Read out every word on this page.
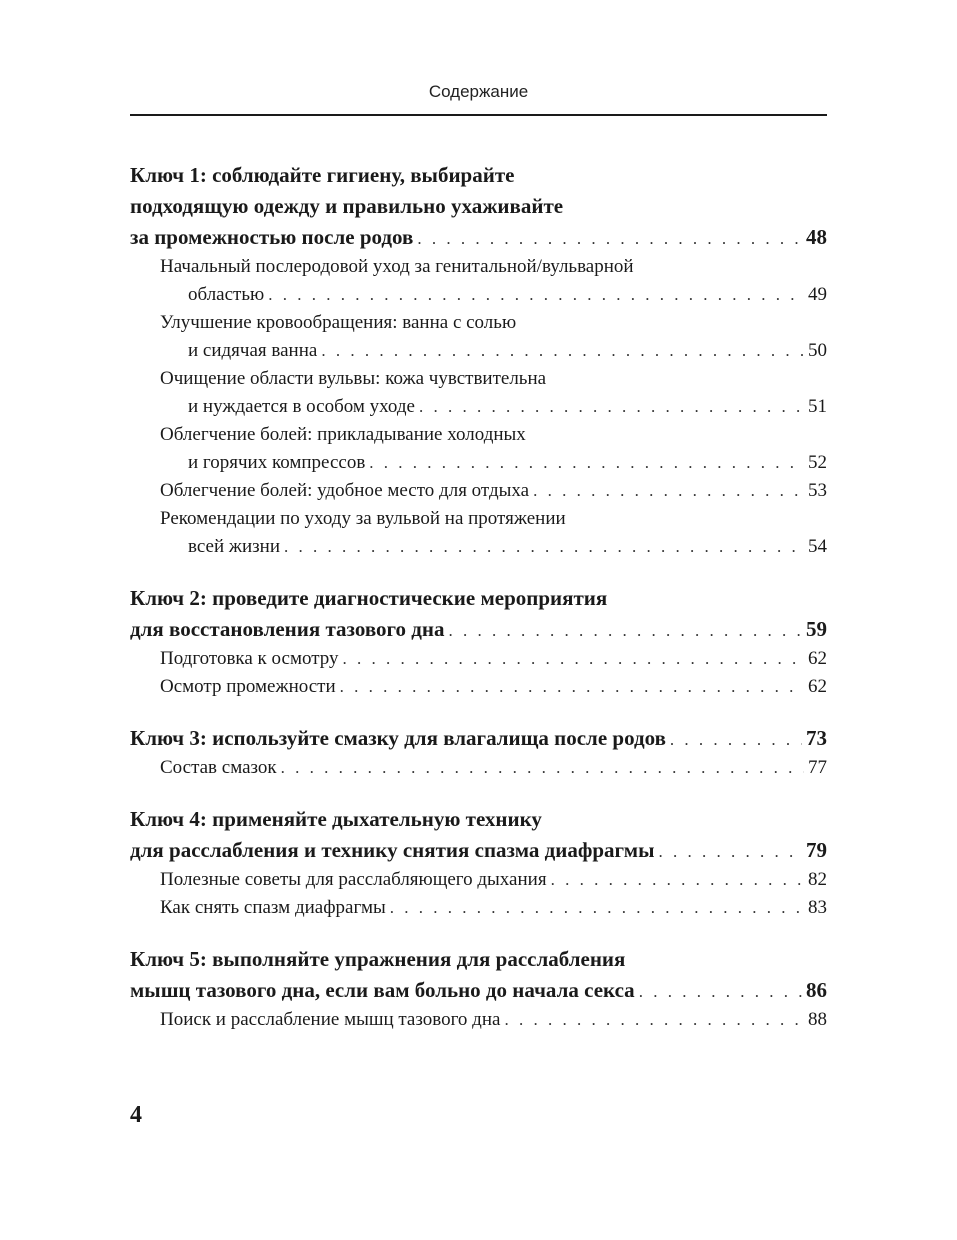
Содержание
Ключ 1: соблюдайте гигиену, выбирайте
подходящую одежду и правильно ухаживайте
за промежностью после родов . . .	48
Начальный послеродовой уход за генитальной/вульварной
областью . . .	49
Улучшение кровообращения: ванна с солью
и сидячая ванна . . .	50
Очищение области вульвы: кожа чувствительна
и нуждается в особом уходе . . .	51
Облегчение болей: прикладывание холодных
и горячих компрессов . . .	52
Облегчение болей: удобное место для отдыха . . .	53
Рекомендации по уходу за вульвой на протяжении
всей жизни . . .	54
Ключ 2: проведите диагностические мероприятия
для восстановления тазового дна . . .	59
Подготовка к осмотру . . .	62
Осмотр промежности . . .	62
Ключ 3: используйте смазку для влагалища после родов . . .	73
Состав смазок . . .	77
Ключ 4: применяйте дыхательную технику
для расслабления и технику снятия спазма диафрагмы . . .	79
Полезные советы для расслабляющего дыхания . . .	82
Как снять спазм диафрагмы . . .	83
Ключ 5: выполняйте упражнения для расслабления
мышц тазового дна, если вам больно до начала секса . . .	86
Поиск и расслабление мышц тазового дна . . .	88
4
